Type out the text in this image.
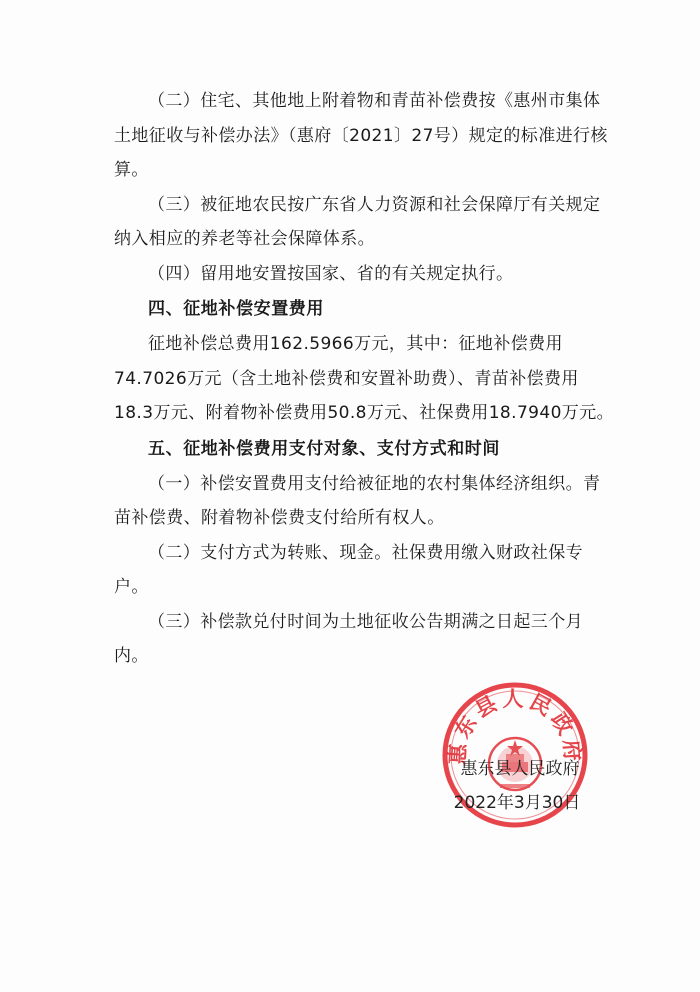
（二）住宅、其他地上附着物和青苗补偿费按《惠州市集体土地征收与补偿办法》（惠府〔2021〕27号）规定的标准进行核算。

（三）被征地农民按广东省人力资源和社会保障厅有关规定纳入相应的养老等社会保障体系。

（四）留用地安置按国家、省的有关规定执行。

四、征地补偿安置费用

征地补偿总费用162.5966万元，其中：征地补偿费用74.7026万元（含土地补偿费和安置补助费）、青苗补偿费用18.3万元、附着物补偿费用50.8万元、社保费用18.7940万元。

五、征地补偿费用支付对象、支付方式和时间

（一）补偿安置费用支付给被征地的农村集体经济组织。青苗补偿费、附着物补偿费支付给所有权人。

（二）支付方式为转账、现金。社保费用缴入财政社保专户。

（三）补偿款兑付时间为土地征收公告期满之日起三个月内。

惠东县人民政府
惠东县人民政府
2022年3月30日
